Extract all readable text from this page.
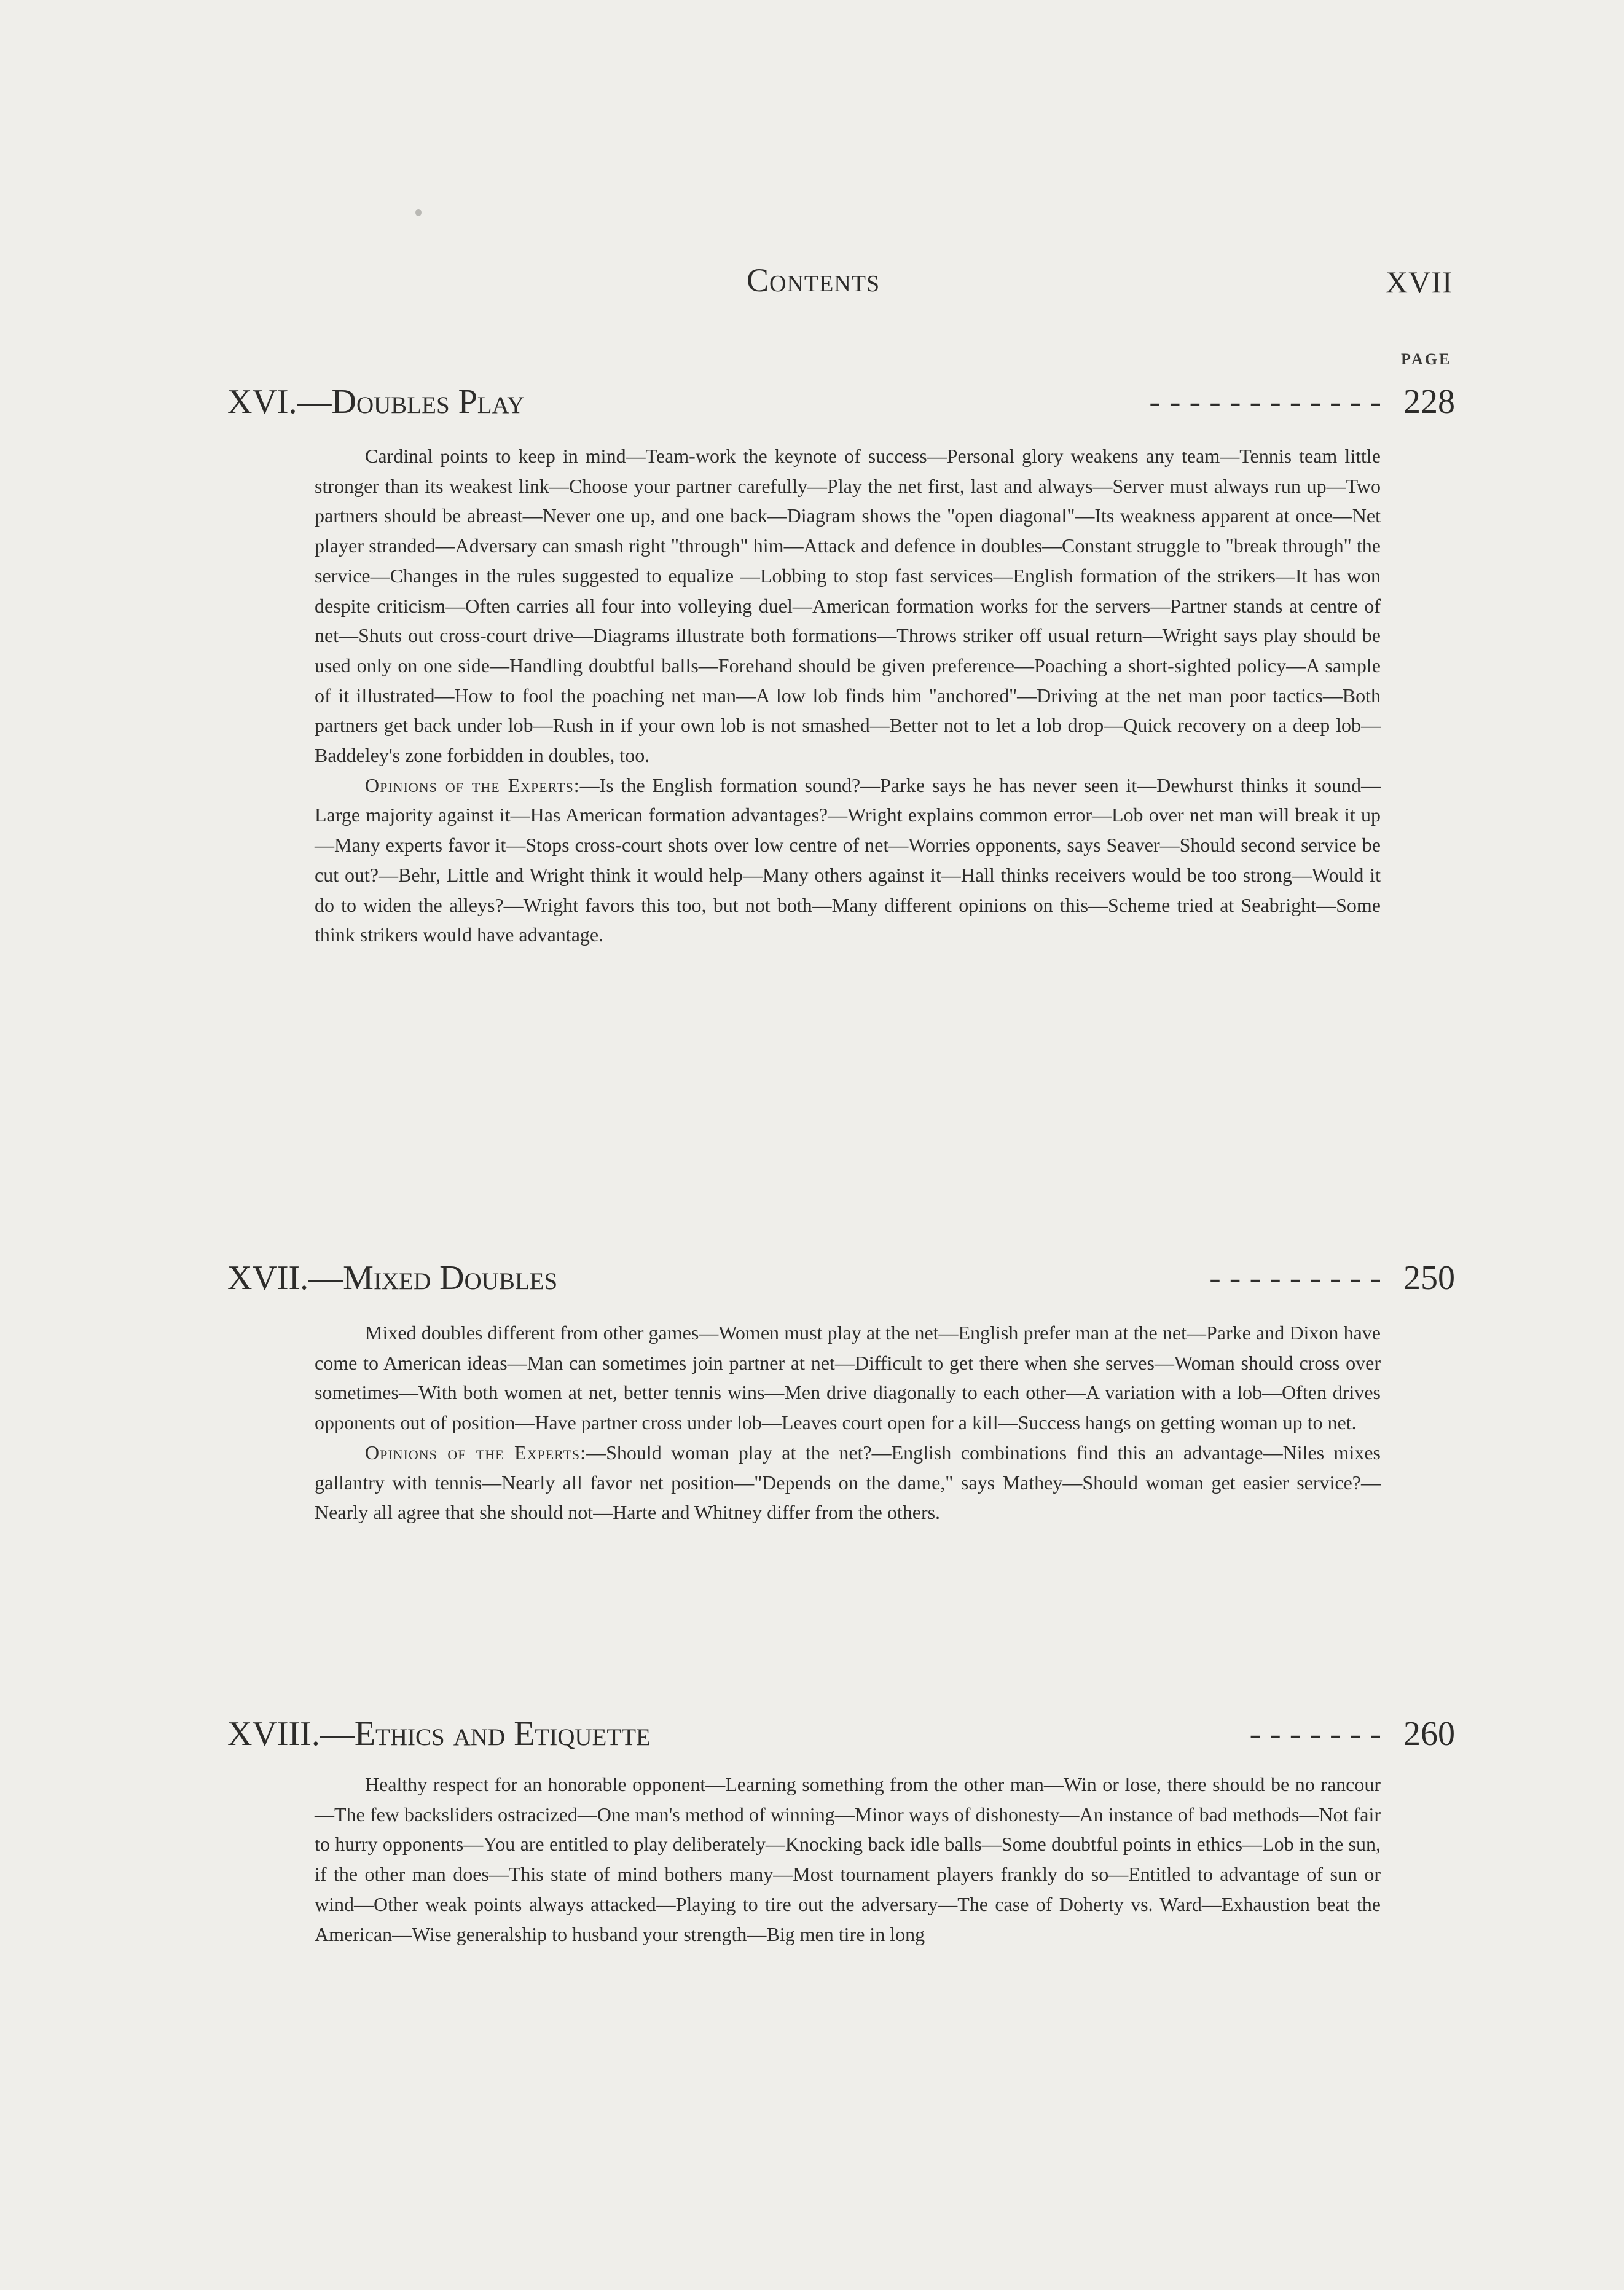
Contents	XVII
PAGE
XVI.—Doubles Play	- - - - - - - - - - - - 228

Cardinal points to keep in mind—Team-work the keynote of success—Personal glory weakens any team—Tennis team little stronger than its weakest link—Choose your partner carefully—Play the net first, last and always—Server must always run up—Two partners should be abreast—Never one up, and one back—Diagram shows the "open diagonal"—Its weakness apparent at once—Net player stranded—Adversary can smash right "through" him—Attack and defence in doubles—Constant struggle to "break through" the service—Changes in the rules suggested to equalize —Lobbing to stop fast services—English formation of the strikers—It has won despite criticism—Often carries all four into volleying duel—American formation works for the servers—Partner stands at centre of net—Shuts out cross-court drive—Diagrams illustrate both formations—Throws striker off usual return—Wright says play should be used only on one side—Handling doubtful balls—Forehand should be given preference—Poaching a short-sighted policy—A sample of it illustrated—How to fool the poaching net man—A low lob finds him "anchored"—Driving at the net man poor tactics—Both partners get back under lob—Rush in if your own lob is not smashed—Better not to let a lob drop—Quick recovery on a deep lob—Baddeley's zone forbidden in doubles, too.

Opinions of the Experts:—Is the English formation sound?—Parke says he has never seen it—Dewhurst thinks it sound—Large majority against it—Has American formation advantages?—Wright explains common error—Lob over net man will break it up—Many experts favor it—Stops cross-court shots over low centre of net—Worries opponents, says Seaver—Should second service be cut out?—Behr, Little and Wright think it would help—Many others against it—Hall thinks receivers would be too strong—Would it do to widen the alleys?—Wright favors this too, but not both—Many different opinions on this—Scheme tried at Seabright—Some think strikers would have advantage.

XVII.—Mixed Doubles	- - - - - - - - - 250

Mixed doubles different from other games—Women must play at the net—English prefer man at the net—Parke and Dixon have come to American ideas—Man can sometimes join partner at net—Difficult to get there when she serves—Woman should cross over sometimes—With both women at net, better tennis wins—Men drive diagonally to each other—A variation with a lob—Often drives opponents out of position—Have partner cross under lob—Leaves court open for a kill—Success hangs on getting woman up to net.

Opinions of the Experts:—Should woman play at the net?—English combinations find this an advantage—Niles mixes gallantry with tennis—Nearly all favor net position—"Depends on the dame," says Mathey—Should woman get easier service?—Nearly all agree that she should not—Harte and Whitney differ from the others.

XVIII.—Ethics and Etiquette	- - - - - - - 260

Healthy respect for an honorable opponent—Learning something from the other man—Win or lose, there should be no rancour—The few backsliders ostracized—One man's method of winning—Minor ways of dishonesty—An instance of bad methods—Not fair to hurry opponents—You are entitled to play deliberately—Knocking back idle balls—Some doubtful points in ethics—Lob in the sun, if the other man does—This state of mind bothers many—Most tournament players frankly do so—Entitled to advantage of sun or wind—Other weak points always attacked—Playing to tire out the adversary—The case of Doherty vs. Ward—Exhaustion beat the American—Wise generalship to husband your strength—Big men tire in long
